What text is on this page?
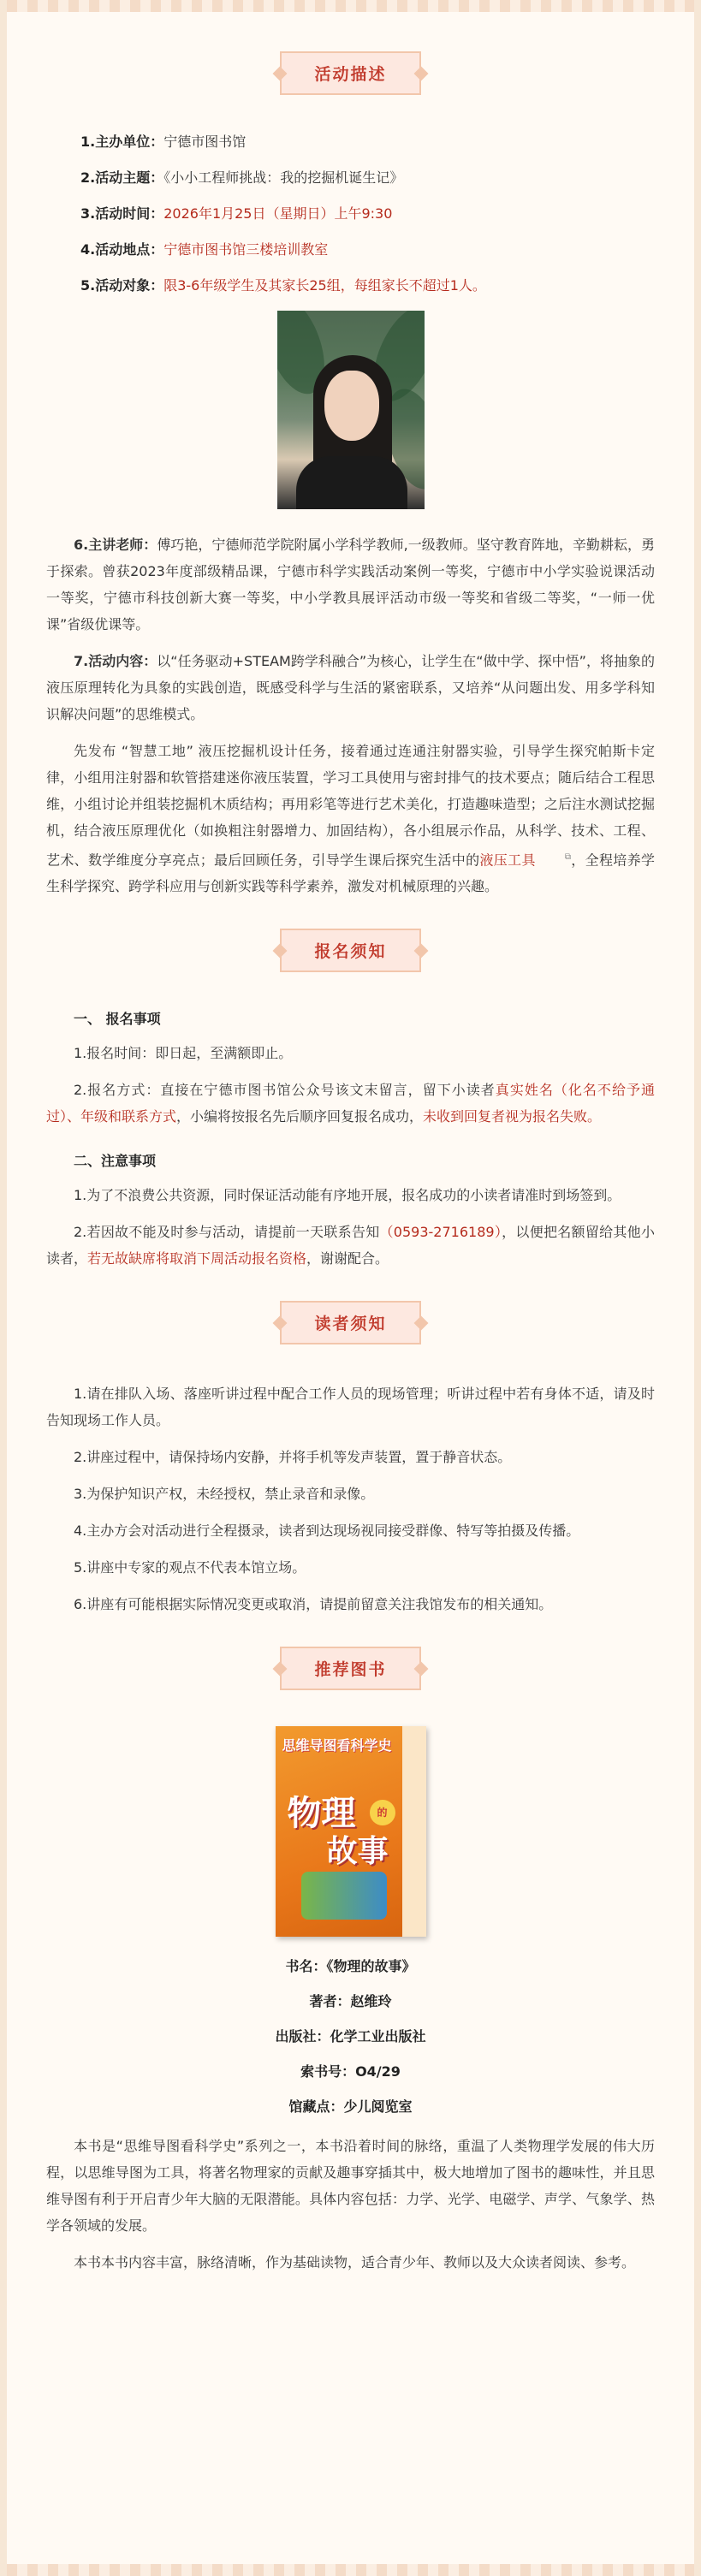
活动描述

1.主办单位：宁德市图书馆

2.活动主题：《小小工程师挑战：我的挖掘机诞生记》

3.活动时间：2026年1月25日（星期日）上午9:30

4.活动地点：宁德市图书馆三楼培训教室

5.活动对象：限3-6年级学生及其家长25组，每组家长不超过1人。

6.主讲老师：傅巧艳，宁德师范学院附属小学科学教师,一级教师。坚守教育阵地，辛勤耕耘，勇于探索。曾获2023年度部级精品课，宁德市科学实践活动案例一等奖，宁德市中小学实验说课活动一等奖，宁德市科技创新大赛一等奖，中小学教具展评活动市级一等奖和省级二等奖，“一师一优课”省级优课等。

7.活动内容：以“任务驱动+STEAM跨学科融合”为核心，让学生在“做中学、探中悟”，将抽象的液压原理转化为具象的实践创造，既感受科学与生活的紧密联系，又培养“从问题出发、用多学科知识解决问题”的思维模式。

先发布 “智慧工地” 液压挖掘机设计任务，接着通过连通注射器实验，引导学生探究帕斯卡定律，小组用注射器和软管搭建迷你液压装置，学习工具使用与密封排气的技术要点；随后结合工程思维，小组讨论并组装挖掘机木质结构；再用彩笔等进行艺术美化，打造趣味造型；之后注水测试挖掘机，结合液压原理优化（如换粗注射器增力、加固结构），各小组展示作品，从科学、技术、工程、艺术、数学维度分享亮点；最后回顾任务，引导学生课后探究生活中的液压工具	⧉，全程培养学生科学探究、跨学科应用与创新实践等科学素养，激发对机械原理的兴趣。

报名须知
一、 报名事项

1.报名时间：即日起，至满额即止。

2.报名方式：直接在宁德市图书馆公众号该文末留言，留下小读者真实姓名（化名不给予通过）、年级和联系方式，小编将按报名先后顺序回复报名成功，未收到回复者视为报名失败。

二、注意事项

1.为了不浪费公共资源，同时保证活动能有序地开展，报名成功的小读者请准时到场签到。

2.若因故不能及时参与活动，请提前一天联系告知（0593-2716189），以便把名额留给其他小读者，若无故缺席将取消下周活动报名资格，谢谢配合。

读者须知

1.请在排队入场、落座听讲过程中配合工作人员的现场管理；听讲过程中若有身体不适，请及时告知现场工作人员。

2.讲座过程中，请保持场内安静，并将手机等发声装置，置于静音状态。

3.为保护知识产权，未经授权，禁止录音和录像。

4.主办方会对活动进行全程摄录，读者到达现场视同接受群像、特写等拍摄及传播。

5.讲座中专家的观点不代表本馆立场。

6.讲座有可能根据实际情况变更或取消，请提前留意关注我馆发布的相关通知。

推荐图书
思维导图看科学史
物理	的
故事
书名：《物理的故事》
著者：赵维玲
出版社：化学工业出版社
索书号：O4/29
馆藏点：少儿阅览室

本书是“思维导图看科学史”系列之一，本书沿着时间的脉络，重温了人类物理学发展的伟大历程，以思维导图为工具，将著名物理家的贡献及趣事穿插其中，极大地增加了图书的趣味性，并且思维导图有利于开启青少年大脑的无限潜能。具体内容包括：力学、光学、电磁学、声学、气象学、热学各领域的发展。

本书本书内容丰富，脉络清晰，作为基础读物，适合青少年、教师以及大众读者阅读、参考。
